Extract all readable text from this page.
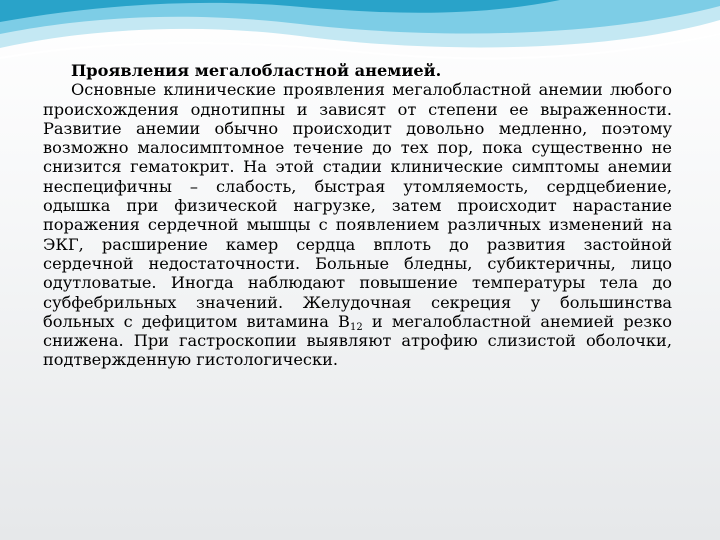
Проявления мегалобластной анемией.

Основные клинические проявления мегалобластной анемии любого происхождения однотипны и зависят от степени ее выраженности. Развитие анемии обычно происходит довольно медленно, поэтому возможно малосимптомное течение до тех пор, пока существенно не снизится гематокрит. На этой стадии клинические симптомы анемии неспецифичны – слабость, быстрая утомляемость, сердцебиение, одышка при физической нагрузке, затем происходит нарастание поражения сердечной мышцы с появлением различных изменений на ЭКГ, расширение камер сердца вплоть до развития застойной сердечной недостаточности. Больные бледны, субиктеричны, лицо одутловатые. Иногда наблюдают повышение температуры тела до субфебрильных значений. Желудочная секреция у большинства больных с дефицитом витамина $В_{12}$ и мегалобластной анемией резко снижена. При гастроскопии выявляют атрофию слизистой оболочки, подтвержденную гистологически.
